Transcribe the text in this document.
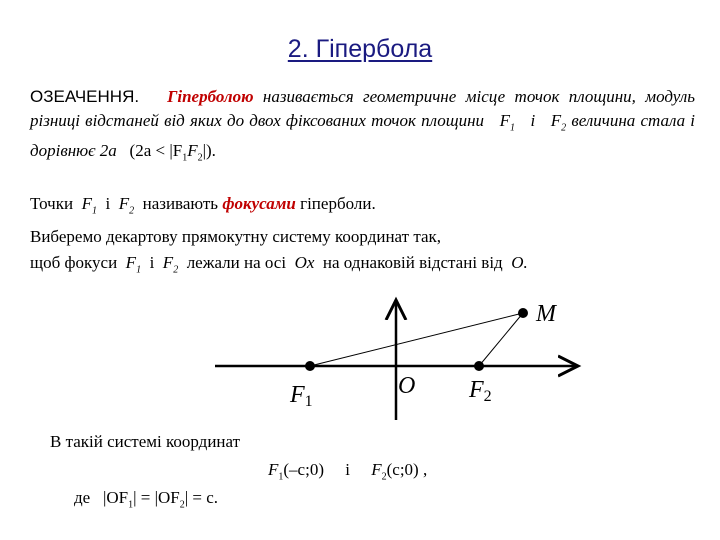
2. Гіпербола
ОЗЕАЧЕННЯ. Гіперболою називається геометричне місце точок площини, модуль різниці відстаней від яких до двох фіксованих точок площини $F_1$ і $F_2$ величина стала і дорівнює 2a $(2a < |F_1F_2|)$.
Точки $F_1$ і $F_2$ називають фокусами гіперболи.
Виберемо декартову прямокутну систему координат так,
щоб фокуси $F_1$ і $F_2$ лежали на осі Ox на однаковій відстані від O.
F1	F2
O
M
В такій системі координат
$F_1(-c;0)$ і $F_2(c;0)$ ,
де $|OF_1| = |OF_2| = c$.
